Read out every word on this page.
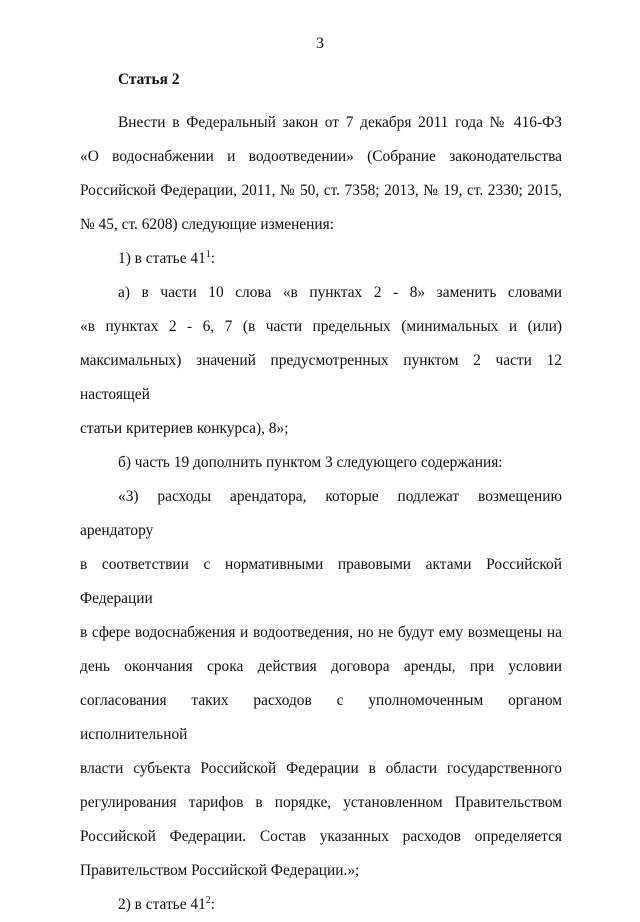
3
Статья 2
Внести в Федеральный закон от 7 декабря 2011 года № 416-ФЗ
«О водоснабжении и водоотведении» (Собрание законодательства
Российской Федерации, 2011, № 50, ст. 7358; 2013, № 19, ст. 2330; 2015,
№ 45, ст. 6208) следующие изменения:
1) в статье $41^1$:
а) в части 10 слова «в пунктах 2 - 8» заменить словами
«в пунктах 2 - 6, 7 (в части предельных (минимальных и (или)
максимальных) значений предусмотренных пунктом 2 части 12 настоящей
статьи критериев конкурса), 8»;
б) часть 19 дополнить пунктом 3 следующего содержания:
«3) расходы арендатора, которые подлежат возмещению арендатору
в соответствии с нормативными правовыми актами Российской Федерации
в сфере водоснабжения и водоотведения, но не будут ему возмещены на
день окончания срока действия договора аренды, при условии
согласования таких расходов с уполномоченным органом исполнительной
власти субъекта Российской Федерации в области государственного
регулирования тарифов в порядке, установленном Правительством
Российской Федерации. Состав указанных расходов определяется
Правительством Российской Федерации.»;
2) в статье $41^2$:
